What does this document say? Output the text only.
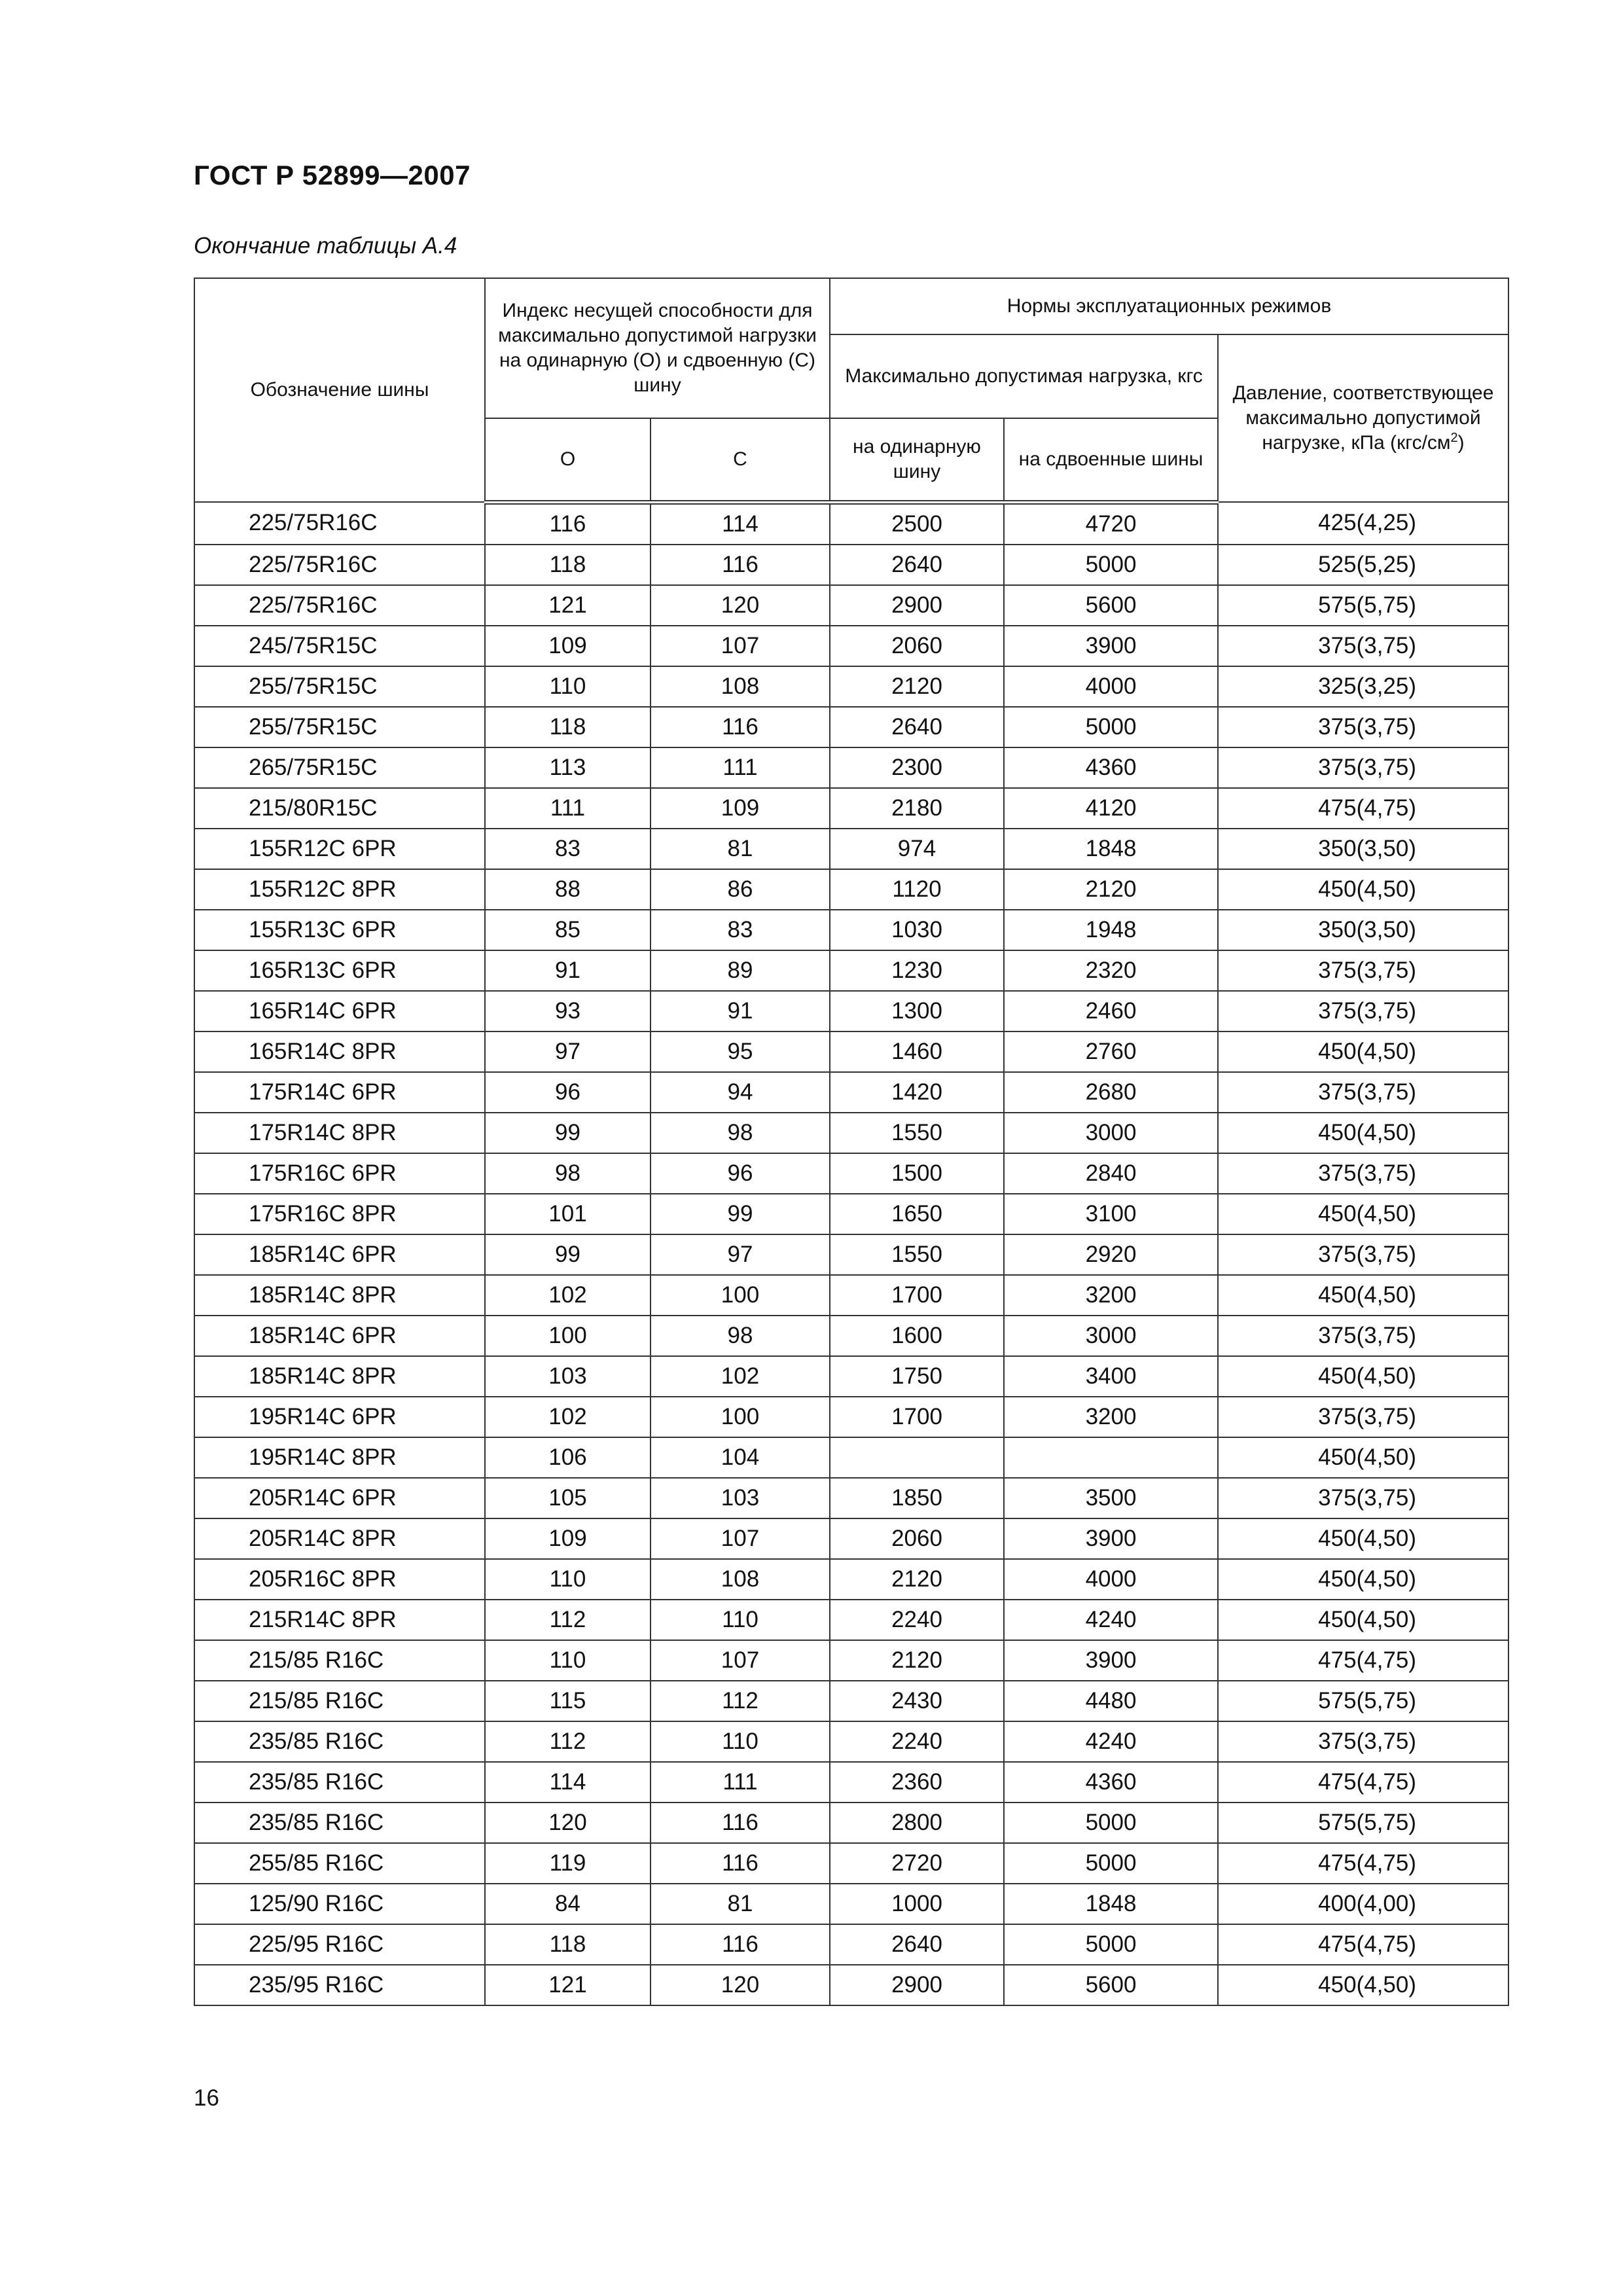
ГОСТ Р 52899—2007
Окончание таблицы А.4
Обозначение шины	Индекс несущей способности для максимально допустимой нагрузки на одинарную (О) и сдвоенную (С) шину		Нормы эксплуатационных режимов		
			Максимально допустимая нагрузка, кгс		Давление, соответствующее максимально допустимой нагрузке, кПа $(кгс/см^2)$
	О	С	на одинарную шину	на сдвоенные шины	
225/75R16C	116	114	2500	4720	425(4,25)
225/75R16C	118	116	2640	5000	525(5,25)
225/75R16C	121	120	2900	5600	575(5,75)
245/75R15C	109	107	2060	3900	375(3,75)
255/75R15C	110	108	2120	4000	325(3,25)
255/75R15C	118	116	2640	5000	375(3,75)
265/75R15C	113	111	2300	4360	375(3,75)
215/80R15C	111	109	2180	4120	475(4,75)
155R12C 6PR	83	81	974	1848	350(3,50)
155R12C 8PR	88	86	1120	2120	450(4,50)
155R13C 6PR	85	83	1030	1948	350(3,50)
165R13C 6PR	91	89	1230	2320	375(3,75)
165R14C 6PR	93	91	1300	2460	375(3,75)
165R14C 8PR	97	95	1460	2760	450(4,50)
175R14C 6PR	96	94	1420	2680	375(3,75)
175R14C 8PR	99	98	1550	3000	450(4,50)
175R16C 6PR	98	96	1500	2840	375(3,75)
175R16C 8PR	101	99	1650	3100	450(4,50)
185R14C 6PR	99	97	1550	2920	375(3,75)
185R14C 8PR	102	100	1700	3200	450(4,50)
185R14C 6PR	100	98	1600	3000	375(3,75)
185R14C 8PR	103	102	1750	3400	450(4,50)
195R14C 6PR	102	100	1700	3200	375(3,75)
195R14C 8PR	106	104			450(4,50)
205R14C 6PR	105	103	1850	3500	375(3,75)
205R14C 8PR	109	107	2060	3900	450(4,50)
205R16C 8PR	110	108	2120	4000	450(4,50)
215R14C 8PR	112	110	2240	4240	450(4,50)
215/85 R16C	110	107	2120	3900	475(4,75)
215/85 R16C	115	112	2430	4480	575(5,75)
235/85 R16C	112	110	2240	4240	375(3,75)
235/85 R16C	114	111	2360	4360	475(4,75)
235/85 R16C	120	116	2800	5000	575(5,75)
255/85 R16C	119	116	2720	5000	475(4,75)
125/90 R16C	84	81	1000	1848	400(4,00)
225/95 R16C	118	116	2640	5000	475(4,75)
235/95 R16C	121	120	2900	5600	450(4,50)
16
